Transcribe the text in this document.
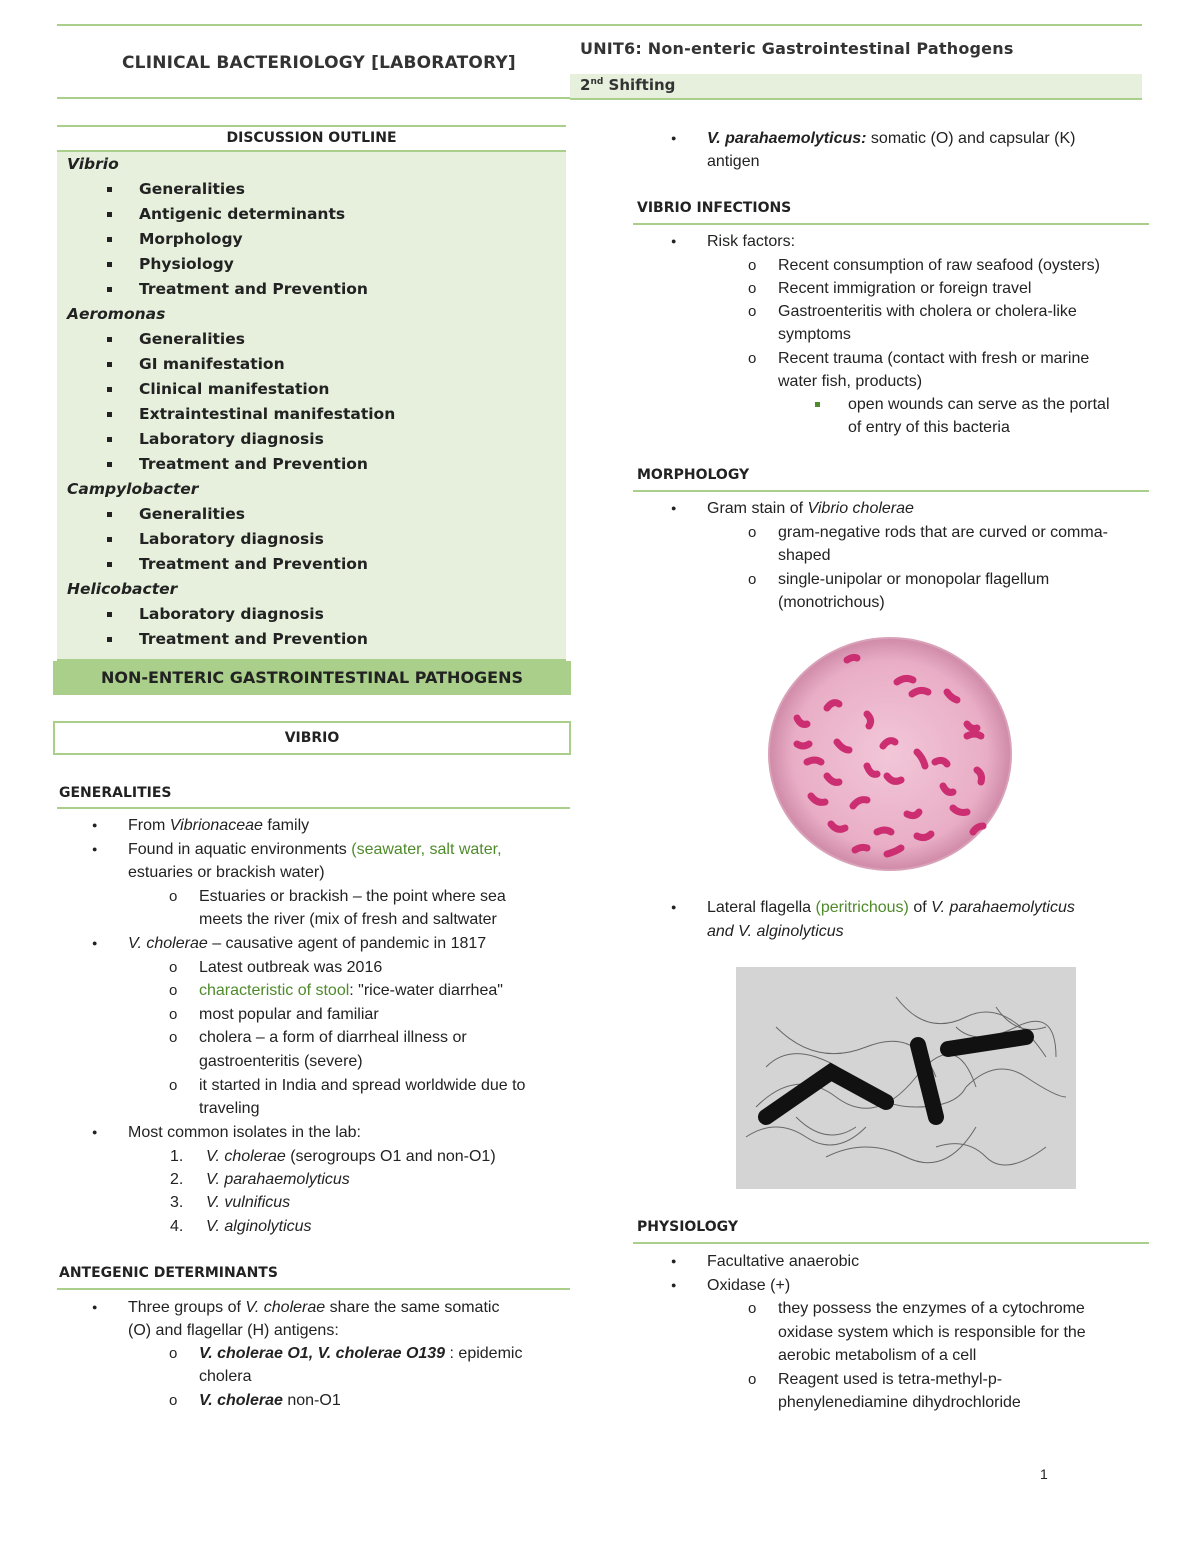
CLINICAL BACTERIOLOGY [LABORATORY]
UNIT6: Non-enteric Gastrointestinal Pathogens
2nd Shifting
DISCUSSION OUTLINE
Vibrio
Generalities
Antigenic determinants
Morphology
Physiology
Treatment and Prevention
Aeromonas
Generalities
GI manifestation
Clinical manifestation
Extraintestinal manifestation
Laboratory diagnosis
Treatment and Prevention
Campylobacter
Generalities
Laboratory diagnosis
Treatment and Prevention
Helicobacter
Laboratory diagnosis
Treatment and Prevention
NON-ENTERIC GASTROINTESTINAL PATHOGENS
VIBRIO
GENERALITIES
● From Vibrionaceae family
● Found in aquatic environments (seawater, salt water,
estuaries or brackish water)
o Estuaries or brackish – the point where sea
meets the river (mix of fresh and saltwater
● V. cholerae – causative agent of pandemic in 1817
o Latest outbreak was 2016
o characteristic of stool: "rice-water diarrhea"
o most popular and familiar
o cholera – a form of diarrheal illness or
gastroenteritis (severe)
o it started in India and spread worldwide due to
traveling
● Most common isolates in the lab:
1. V. cholerae (serogroups O1 and non-O1)
2. V. parahaemolyticus
3. V. vulnificus
4. V. alginolyticus
ANTEGENIC DETERMINANTS
● Three groups of V. cholerae share the same somatic
(O) and flagellar (H) antigens:
o V. cholerae O1, V. cholerae O139 : epidemic
cholera
o V. cholerae non-O1
● V. parahaemolyticus: somatic (O) and capsular (K)
antigen
VIBRIO INFECTIONS
● Risk factors:
o Recent consumption of raw seafood (oysters)
o Recent immigration or foreign travel
o Gastroenteritis with cholera or cholera-like
symptoms
o Recent trauma (contact with fresh or marine
water fish, products)
open wounds can serve as the portal
of entry of this bacteria
MORPHOLOGY
● Gram stain of Vibrio cholerae
o gram-negative rods that are curved or comma-
shaped
o single-unipolar or monopolar flagellum
(monotrichous)
● Lateral flagella (peritrichous) of V. parahaemolyticus
and V. alginolyticus
PHYSIOLOGY
● Facultative anaerobic
● Oxidase (+)
o they possess the enzymes of a cytochrome
oxidase system which is responsible for the
aerobic metabolism of a cell
o Reagent used is tetra-methyl-p-
phenylenediamine dihydrochloride
1
